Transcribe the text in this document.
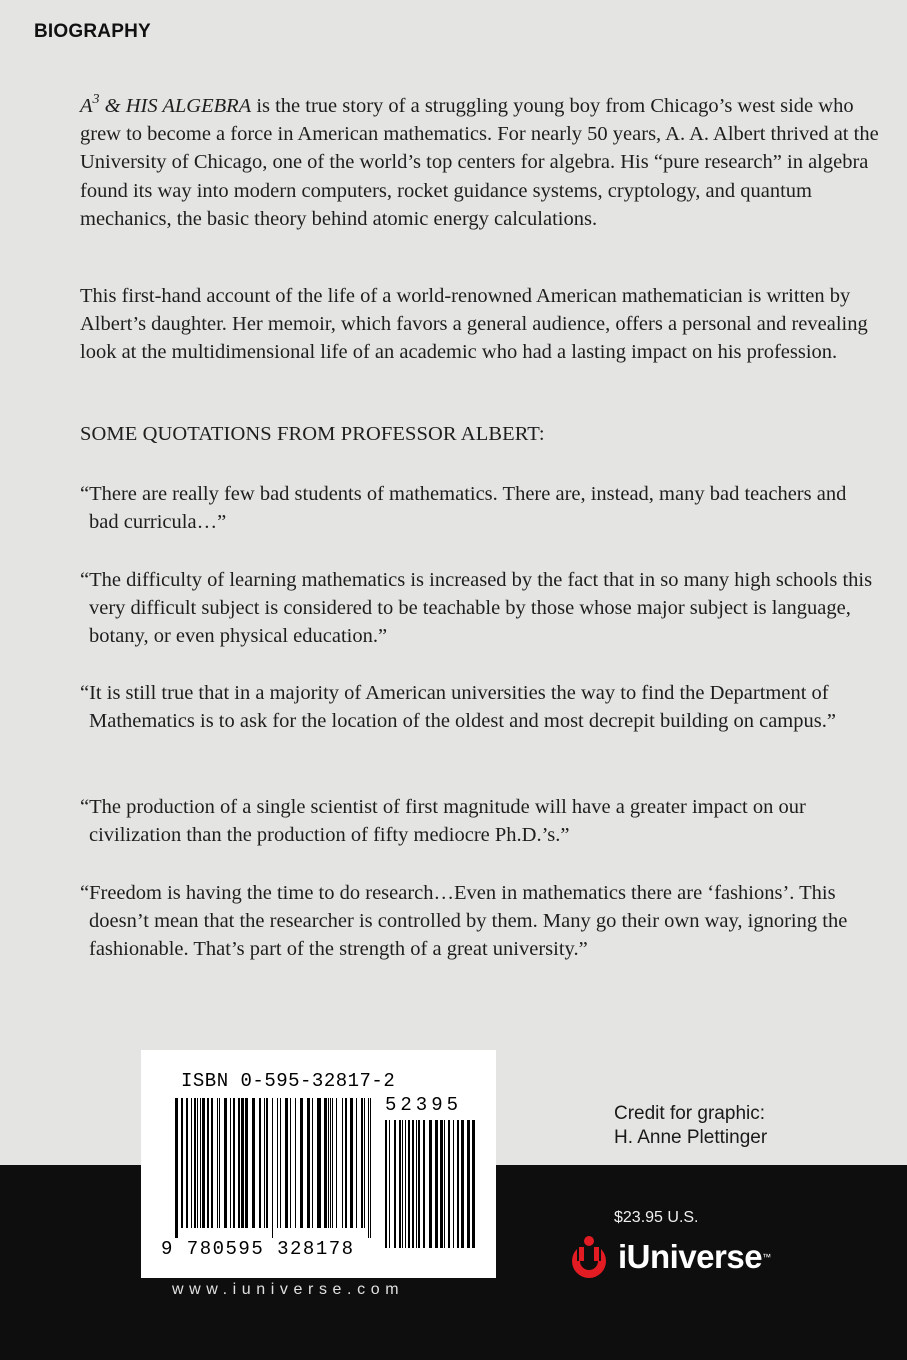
BIOGRAPHY

$A^3$ & HIS ALGEBRA is the true story of a struggling young boy from Chicago’s west side who grew to become a force in American mathematics. For nearly 50 years, A. A. Albert thrived at the University of Chicago, one of the world’s top centers for algebra. His “pure research” in algebra found its way into modern computers, rocket guidance systems, cryptology, and quantum mechanics, the basic theory behind atomic energy calculations.

This first-hand account of the life of a world-renowned American mathematician is written by Albert’s daughter. Her memoir, which favors a general audience, offers a personal and revealing look at the multidimensional life of an academic who had a lasting impact on his profession.

SOME QUOTATIONS FROM PROFESSOR ALBERT:

“There are really few bad students of mathematics. There are, instead, many bad teachers and bad curricula…”

“The difficulty of learning mathematics is increased by the fact that in so many high schools this very difficult subject is considered to be teachable by those whose major subject is language, botany, or even physical education.”

“It is still true that in a majority of American universities the way to find the Department of Mathematics is to ask for the location of the oldest and most decrepit building on campus.”

“The production of a single scientist of first magnitude will have a greater impact on our civilization than the production of fifty mediocre Ph.D.’s.”

“Freedom is having the time to do research…Even in mathematics there are ‘fashions’. This doesn’t mean that the researcher is controlled by them. Many go their own way, ignoring the fashionable. That’s part of the strength of a great university.”

Credit for graphic:
H. Anne Plettinger
ISBN 0-595-32817-2
52395
9 780595 328178
www.iuniverse.com
$23.95 U.S.
iUniverse ™
